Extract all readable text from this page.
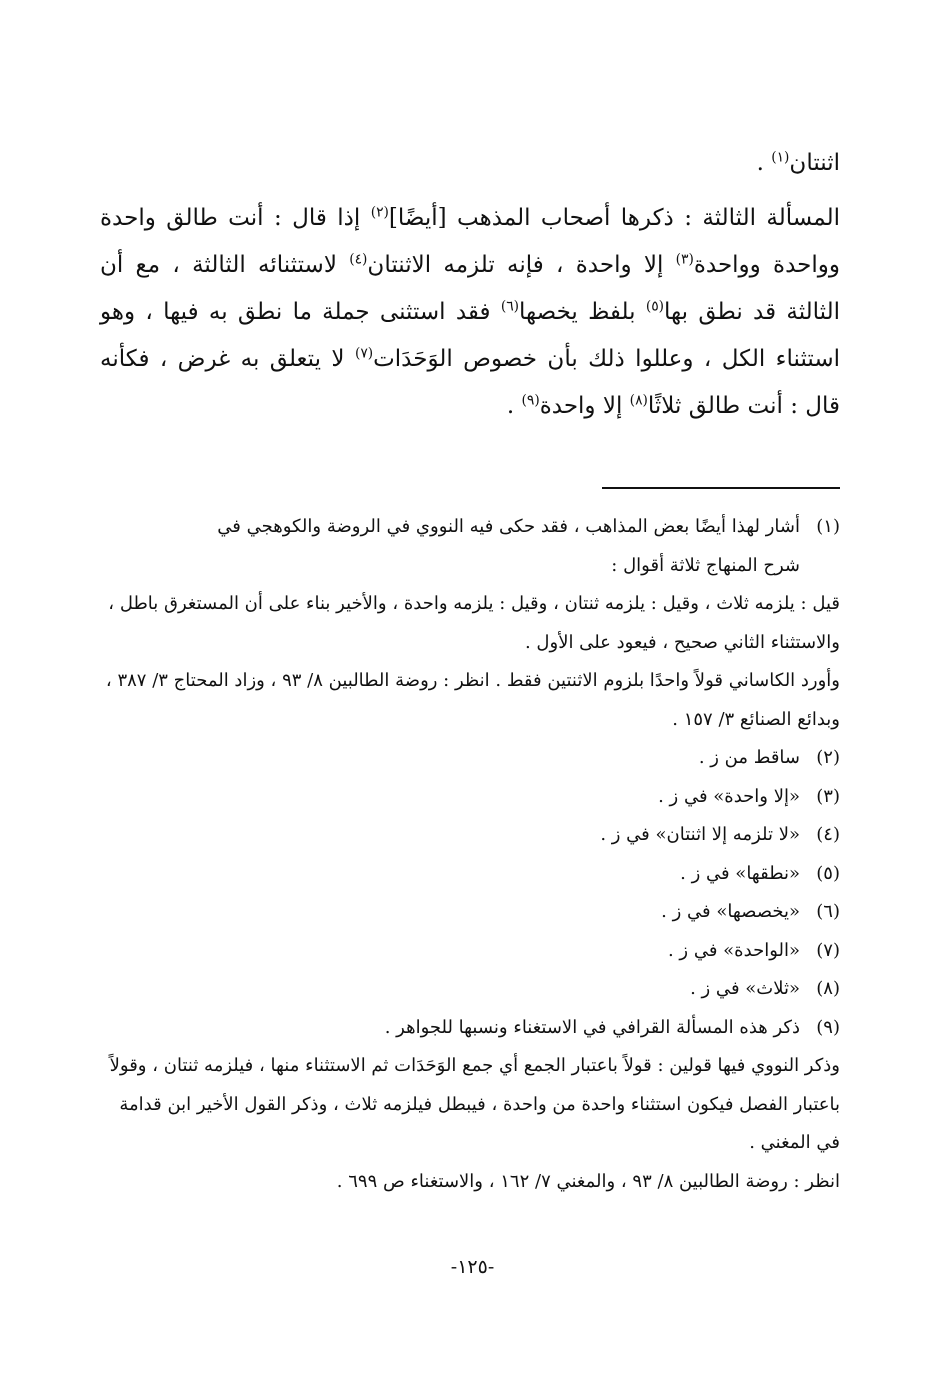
اثنتان$^{(١)}$ .

المسألة الثالثة : ذكرها أصحاب المذهب [أيضًا]$^{(٢)}$ إذا قال : أنت طالق واحدة وواحدة وواحدة$^{(٣)}$ إلا واحدة ، فإنه تلزمه الاثنتان$^{(٤)}$ لاستثنائه الثالثة ، مع أن الثالثة قد نطق بها$^{(٥)}$ بلفظ يخصها$^{(٦)}$ فقد استثنى جملة ما نطق به فيها ، وهو استثناء الكل ، وعللوا ذلك بأن خصوص الوَحَدَات$^{(٧)}$ لا يتعلق به غرض ، فكأنه قال : أنت طالق ثلاثًا$^{(٨)}$ إلا واحدة$^{(٩)}$ .

(١)

أشار لهذا أيضًا بعض المذاهب ، فقد حكى فيه النووي في الروضة والكوهجي في

شرح المنهاج ثلاثة أقوال :

قيل : يلزمه ثلاث ، وقيل : يلزمه ثنتان ، وقيل : يلزمه واحدة ، والأخير بناء على أن المستغرق باطل ، والاستثناء الثاني صحيح ، فيعود على الأول .

وأورد الكاساني قولاً واحدًا بلزوم الاثنتين فقط . انظر : روضة الطالبين ٨/ ٩٣ ، وزاد المحتاج ٣/ ٣٨٧ ، وبدائع الصنائع ٣/ ١٥٧ .

(٢)

ساقط من ز .

(٣)

«إلا واحدة» في ز .

(٤)

«لا تلزمه إلا اثنتان» في ز .

(٥)

«نطقها» في ز .

(٦)

«يخصصها» في ز .

(٧)

«الواحدة» في ز .

(٨)

«ثلاث» في ز .

(٩)

ذكر هذه المسألة القرافي في الاستغناء ونسبها للجواهر .

وذكر النووي فيها قولين : قولاً باعتبار الجمع أي جمع الوَحَدَات ثم الاستثناء منها ، فيلزمه ثنتان ، وقولاً باعتبار الفصل فيكون استثناء واحدة من واحدة ، فيبطل فيلزمه ثلاث ، وذكر القول الأخير ابن قدامة في المغني .

انظر : روضة الطالبين ٨/ ٩٣ ، والمغني ٧/ ١٦٢ ، والاستغناء ص ٦٩٩ .

-١٢٥-
